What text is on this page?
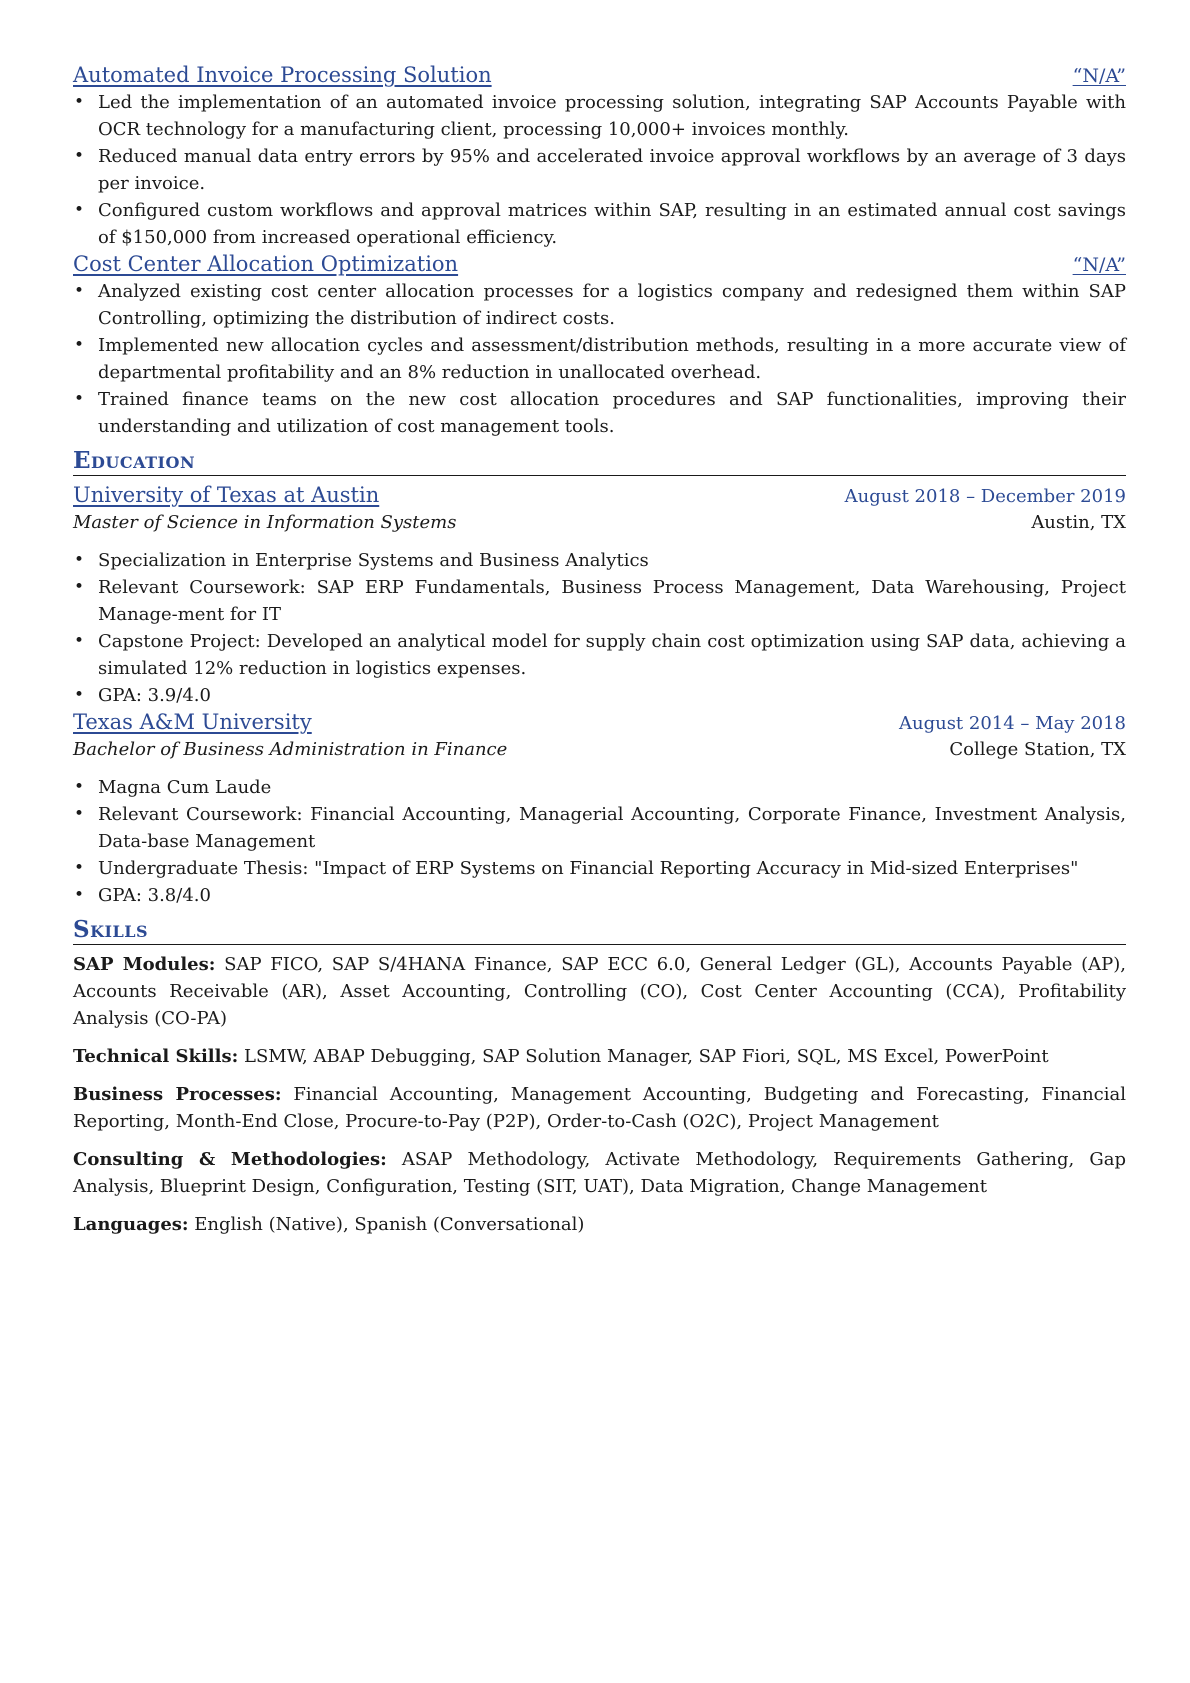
Automated Invoice Processing Solution	“N/A”
• Led the implementation of an automated invoice processing solution, integrating SAP Accounts Payable with OCR technology for a manufacturing client, processing 10,000+ invoices monthly.
• Reduced manual data entry errors by 95% and accelerated invoice approval workflows by an average of 3 days per invoice.
• Configured custom workflows and approval matrices within SAP, resulting in an estimated annual cost savings of $150,000 from increased operational efficiency.
Cost Center Allocation Optimization	“N/A”
• Analyzed existing cost center allocation processes for a logistics company and redesigned them within SAP Controlling, optimizing the distribution of indirect costs.
• Implemented new allocation cycles and assessment/distribution methods, resulting in a more accurate view of departmental profitability and an 8% reduction in unallocated overhead.
• Trained finance teams on the new cost allocation procedures and SAP functionalities, improving their understanding and utilization of cost management tools.
Education
University of Texas at Austin	August 2018 – December 2019
Master of Science in Information Systems	Austin, TX
• Specialization in Enterprise Systems and Business Analytics
• Relevant Coursework: SAP ERP Fundamentals, Business Process Management, Data Warehousing, Project Manage-ment for IT
• Capstone Project: Developed an analytical model for supply chain cost optimization using SAP data, achieving a simulated 12% reduction in logistics expenses.
• GPA: 3.9/4.0
Texas A&M University	August 2014 – May 2018
Bachelor of Business Administration in Finance	College Station, TX
• Magna Cum Laude
• Relevant Coursework: Financial Accounting, Managerial Accounting, Corporate Finance, Investment Analysis, Data-base Management
• Undergraduate Thesis: "Impact of ERP Systems on Financial Reporting Accuracy in Mid-sized Enterprises"
• GPA: 3.8/4.0
Skills
SAP Modules: SAP FICO, SAP S/4HANA Finance, SAP ECC 6.0, General Ledger (GL), Accounts Payable (AP), Accounts Receivable (AR), Asset Accounting, Controlling (CO), Cost Center Accounting (CCA), Profitability Analysis (CO-PA)
Technical Skills: LSMW, ABAP Debugging, SAP Solution Manager, SAP Fiori, SQL, MS Excel, PowerPoint
Business Processes: Financial Accounting, Management Accounting, Budgeting and Forecasting, Financial Reporting, Month-End Close, Procure-to-Pay (P2P), Order-to-Cash (O2C), Project Management
Consulting & Methodologies: ASAP Methodology, Activate Methodology, Requirements Gathering, Gap Analysis, Blueprint Design, Configuration, Testing (SIT, UAT), Data Migration, Change Management
Languages: English (Native), Spanish (Conversational)
